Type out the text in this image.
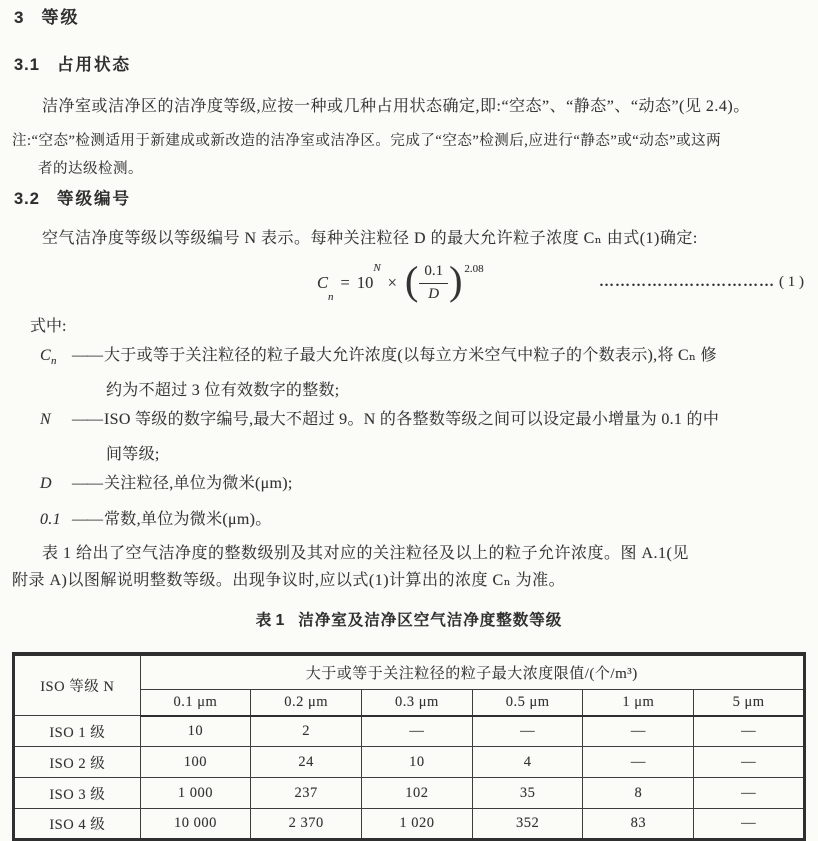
3 等级
3.1 占用状态
洁净室或洁净区的洁净度等级,应按一种或几种占用状态确定,即:“空态”、“静态”、“动态”(见 2.4)。
注:“空态”检测适用于新建成或新改造的洁净室或洁净区。完成了“空态”检测后,应进行“静态”或“动态”或这两
者的达级检测。
3.2 等级编号
空气洁净度等级以等级编号 N 表示。每种关注粒径 D 的最大允许粒子浓度 Cₙ 由式(1)确定:
C
n
= 10
N
× ( $\frac{0.1}{D}$ ) 2.08
…………………………… ( 1 )
式中:
$C_n$ —— 大于或等于关注粒径的粒子最大允许浓度(以每立方米空气中粒子的个数表示),将 Cₙ 修
约为不超过 3 位有效数字的整数;
N —— ISO 等级的数字编号,最大不超过 9。N 的各整数等级之间可以设定最小增量为 0.1 的中
间等级;
D —— 关注粒径,单位为微米(μm);
0.1 —— 常数,单位为微米(μm)。
表 1 给出了空气洁净度的整数级别及其对应的关注粒径及以上的粒子允许浓度。图 A.1(见
附录 A)以图解说明整数等级。出现争议时,应以式(1)计算出的浓度 Cₙ 为准。
表 1 洁净室及洁净区空气洁净度整数等级
ISO 等级 N	大于或等于关注粒径的粒子最大浓度限值/(个/m³)					
	0.1 μm	0.2 μm	0.3 μm	0.5 μm	1 μm	5 μm
ISO 1 级	10	2	—	—	—	—
ISO 2 级	100	24	10	4	—	—
ISO 3 级	1 000	237	102	35	8	—
ISO 4 级	10 000	2 370	1 020	352	83	—
